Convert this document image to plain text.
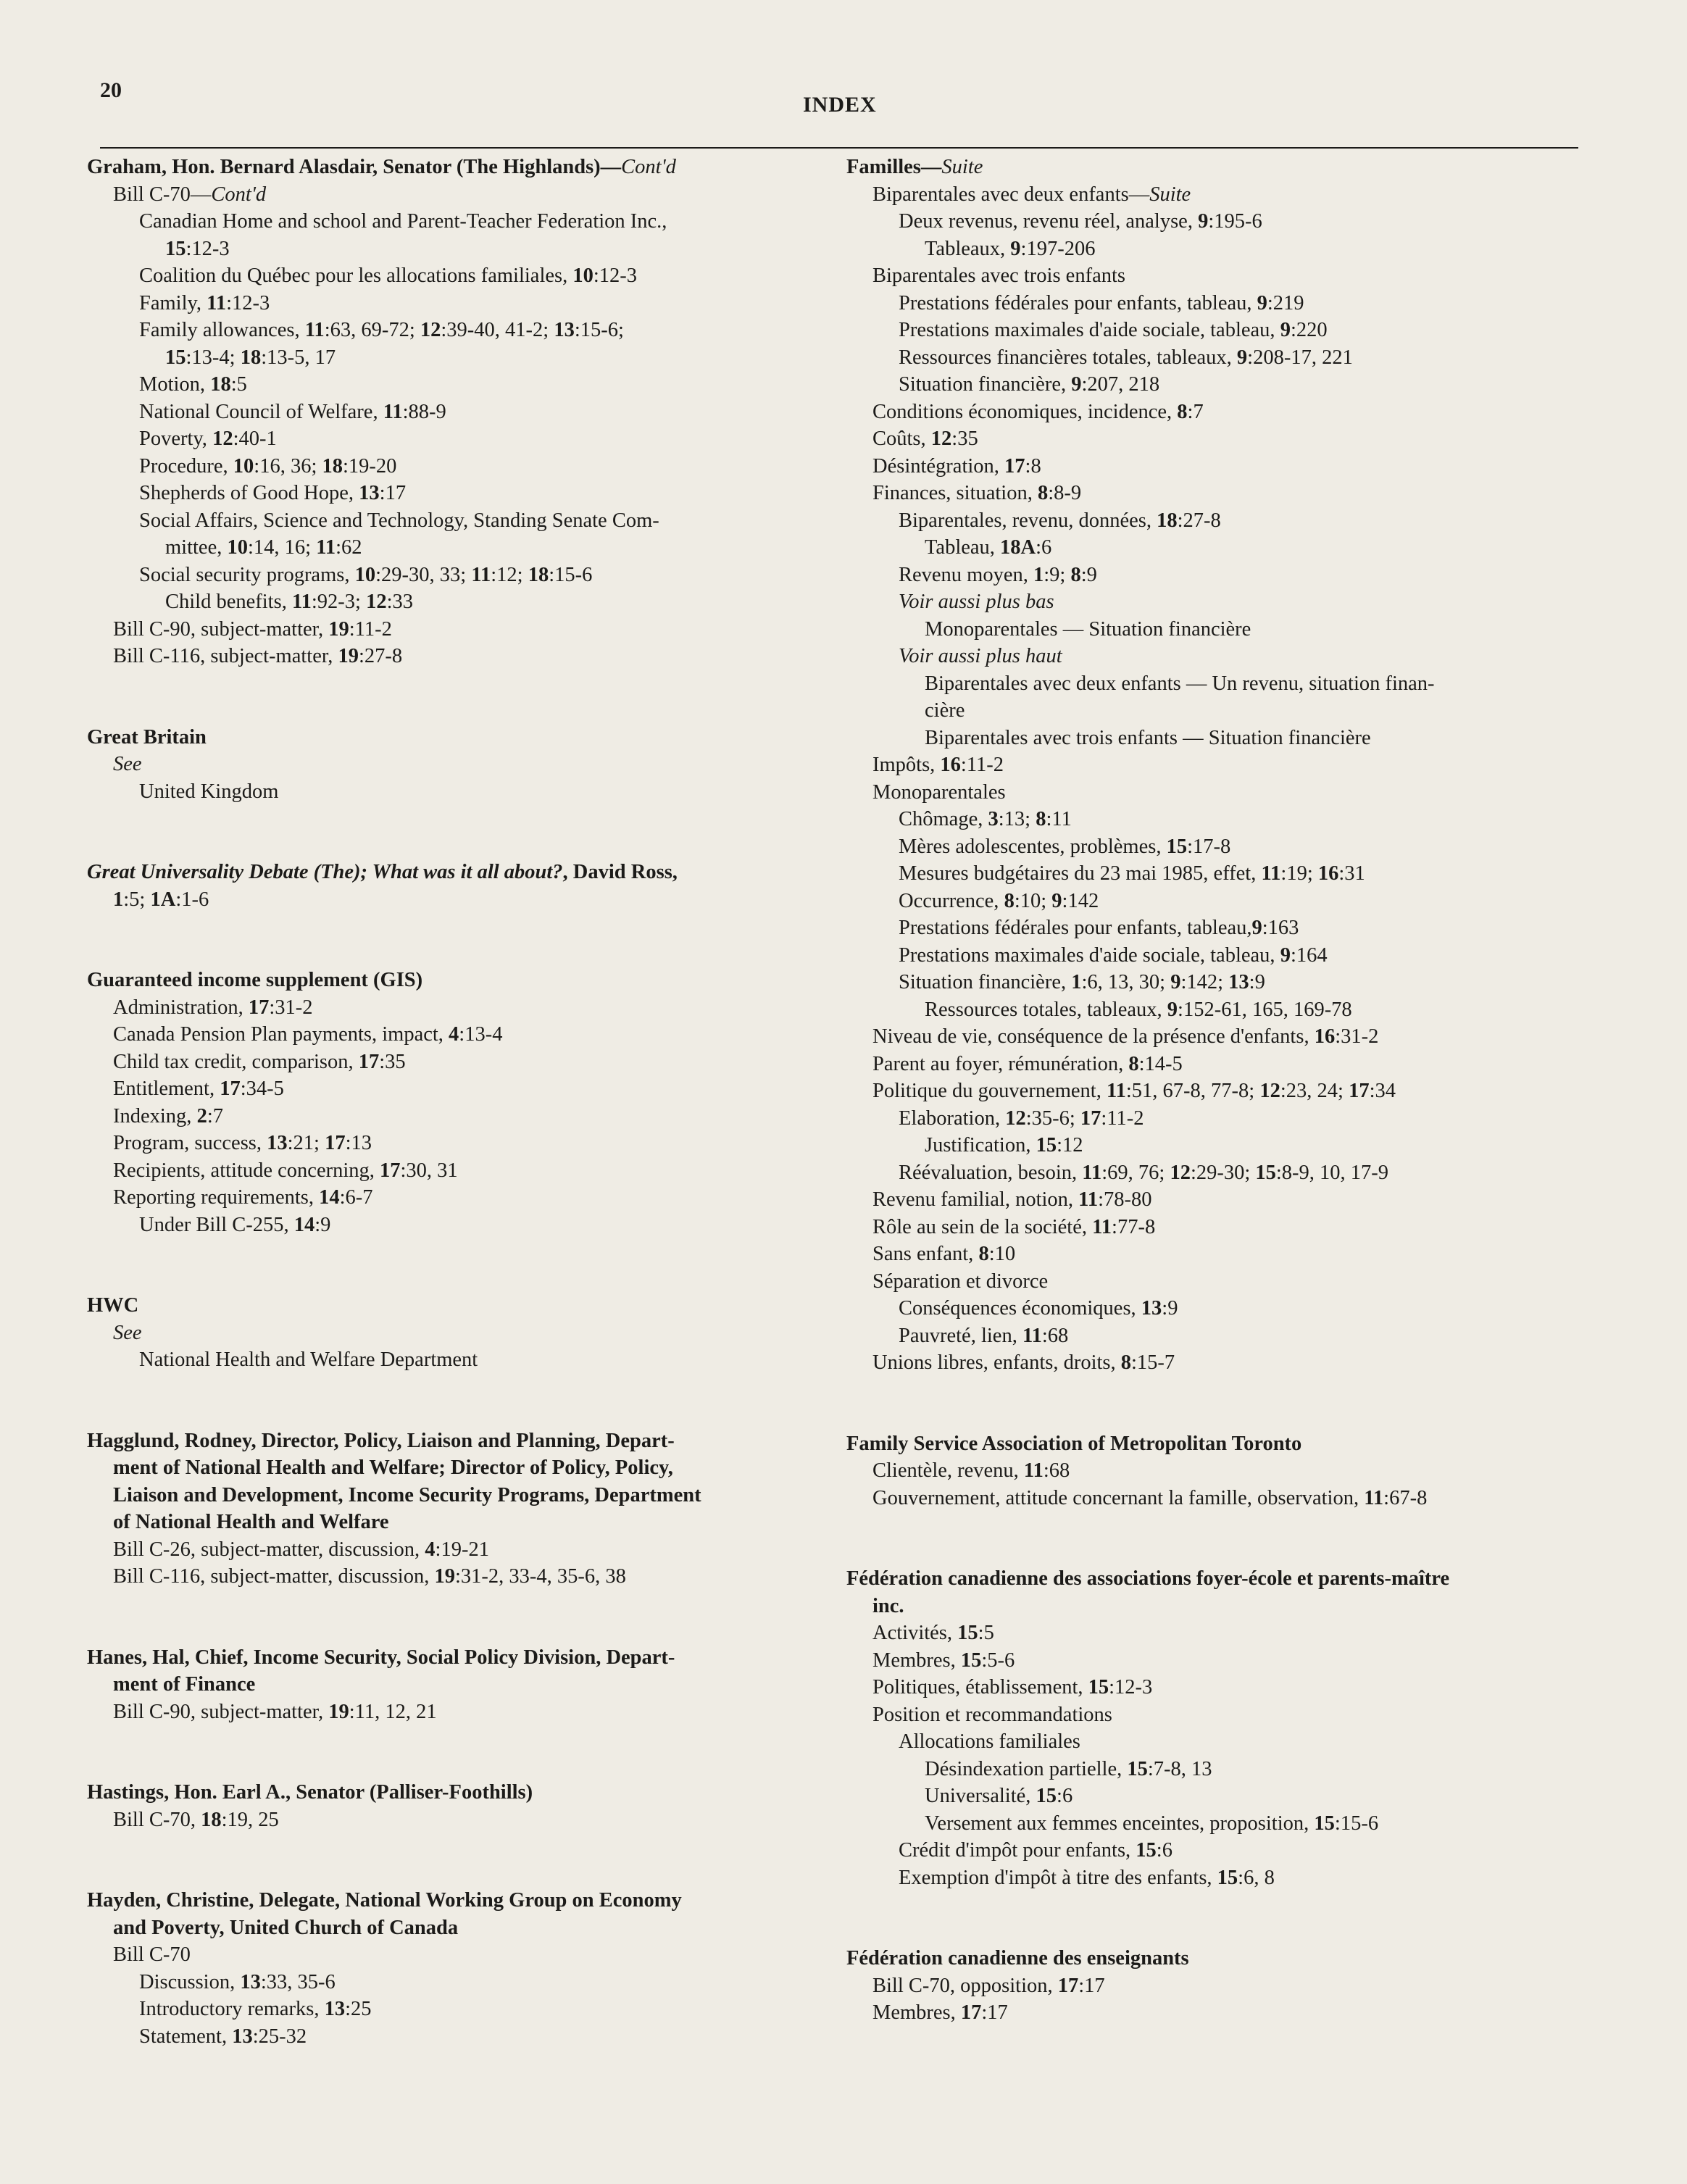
20
INDEX
Graham, Hon. Bernard Alasdair, Senator (The Highlands)—Cont'd
Bill C-70—Cont'd
Canadian Home and school and Parent-Teacher Federation Inc.,
15:12-3
Coalition du Québec pour les allocations familiales, 10:12-3
Family, 11:12-3
Family allowances, 11:63, 69-72; 12:39-40, 41-2; 13:15-6;
15:13-4; 18:13-5, 17
Motion, 18:5
National Council of Welfare, 11:88-9
Poverty, 12:40-1
Procedure, 10:16, 36; 18:19-20
Shepherds of Good Hope, 13:17
Social Affairs, Science and Technology, Standing Senate Com-
mittee, 10:14, 16; 11:62
Social security programs, 10:29-30, 33; 11:12; 18:15-6
Child benefits, 11:92-3; 12:33
Bill C-90, subject-matter, 19:11-2
Bill C-116, subject-matter, 19:27-8
Great Britain
See
United Kingdom
Great Universality Debate (The); What was it all about?, David Ross,
1:5; 1A:1-6
Guaranteed income supplement (GIS)
Administration, 17:31-2
Canada Pension Plan payments, impact, 4:13-4
Child tax credit, comparison, 17:35
Entitlement, 17:34-5
Indexing, 2:7
Program, success, 13:21; 17:13
Recipients, attitude concerning, 17:30, 31
Reporting requirements, 14:6-7
Under Bill C-255, 14:9
HWC
See
National Health and Welfare Department
Hagglund, Rodney, Director, Policy, Liaison and Planning, Depart-
ment of National Health and Welfare; Director of Policy, Policy,
Liaison and Development, Income Security Programs, Department
of National Health and Welfare
Bill C-26, subject-matter, discussion, 4:19-21
Bill C-116, subject-matter, discussion, 19:31-2, 33-4, 35-6, 38
Hanes, Hal, Chief, Income Security, Social Policy Division, Depart-
ment of Finance
Bill C-90, subject-matter, 19:11, 12, 21
Hastings, Hon. Earl A., Senator (Palliser-Foothills)
Bill C-70, 18:19, 25
Hayden, Christine, Delegate, National Working Group on Economy
and Poverty, United Church of Canada
Bill C-70
Discussion, 13:33, 35-6
Introductory remarks, 13:25
Statement, 13:25-32
Familles—Suite
Biparentales avec deux enfants—Suite
Deux revenus, revenu réel, analyse, 9:195-6
Tableaux, 9:197-206
Biparentales avec trois enfants
Prestations fédérales pour enfants, tableau, 9:219
Prestations maximales d'aide sociale, tableau, 9:220
Ressources financières totales, tableaux, 9:208-17, 221
Situation financière, 9:207, 218
Conditions économiques, incidence, 8:7
Coûts, 12:35
Désintégration, 17:8
Finances, situation, 8:8-9
Biparentales, revenu, données, 18:27-8
Tableau, 18A:6
Revenu moyen, 1:9; 8:9
Voir aussi plus bas
Monoparentales — Situation financière
Voir aussi plus haut
Biparentales avec deux enfants — Un revenu, situation finan-
cière
Biparentales avec trois enfants — Situation financière
Impôts, 16:11-2
Monoparentales
Chômage, 3:13; 8:11
Mères adolescentes, problèmes, 15:17-8
Mesures budgétaires du 23 mai 1985, effet, 11:19; 16:31
Occurrence, 8:10; 9:142
Prestations fédérales pour enfants, tableau,9:163
Prestations maximales d'aide sociale, tableau, 9:164
Situation financière, 1:6, 13, 30; 9:142; 13:9
Ressources totales, tableaux, 9:152-61, 165, 169-78
Niveau de vie, conséquence de la présence d'enfants, 16:31-2
Parent au foyer, rémunération, 8:14-5
Politique du gouvernement, 11:51, 67-8, 77-8; 12:23, 24; 17:34
Elaboration, 12:35-6; 17:11-2
Justification, 15:12
Réévaluation, besoin, 11:69, 76; 12:29-30; 15:8-9, 10, 17-9
Revenu familial, notion, 11:78-80
Rôle au sein de la société, 11:77-8
Sans enfant, 8:10
Séparation et divorce
Conséquences économiques, 13:9
Pauvreté, lien, 11:68
Unions libres, enfants, droits, 8:15-7
Family Service Association of Metropolitan Toronto
Clientèle, revenu, 11:68
Gouvernement, attitude concernant la famille, observation, 11:67-8
Fédération canadienne des associations foyer-école et parents-maître
inc.
Activités, 15:5
Membres, 15:5-6
Politiques, établissement, 15:12-3
Position et recommandations
Allocations familiales
Désindexation partielle, 15:7-8, 13
Universalité, 15:6
Versement aux femmes enceintes, proposition, 15:15-6
Crédit d'impôt pour enfants, 15:6
Exemption d'impôt à titre des enfants, 15:6, 8
Fédération canadienne des enseignants
Bill C-70, opposition, 17:17
Membres, 17:17
